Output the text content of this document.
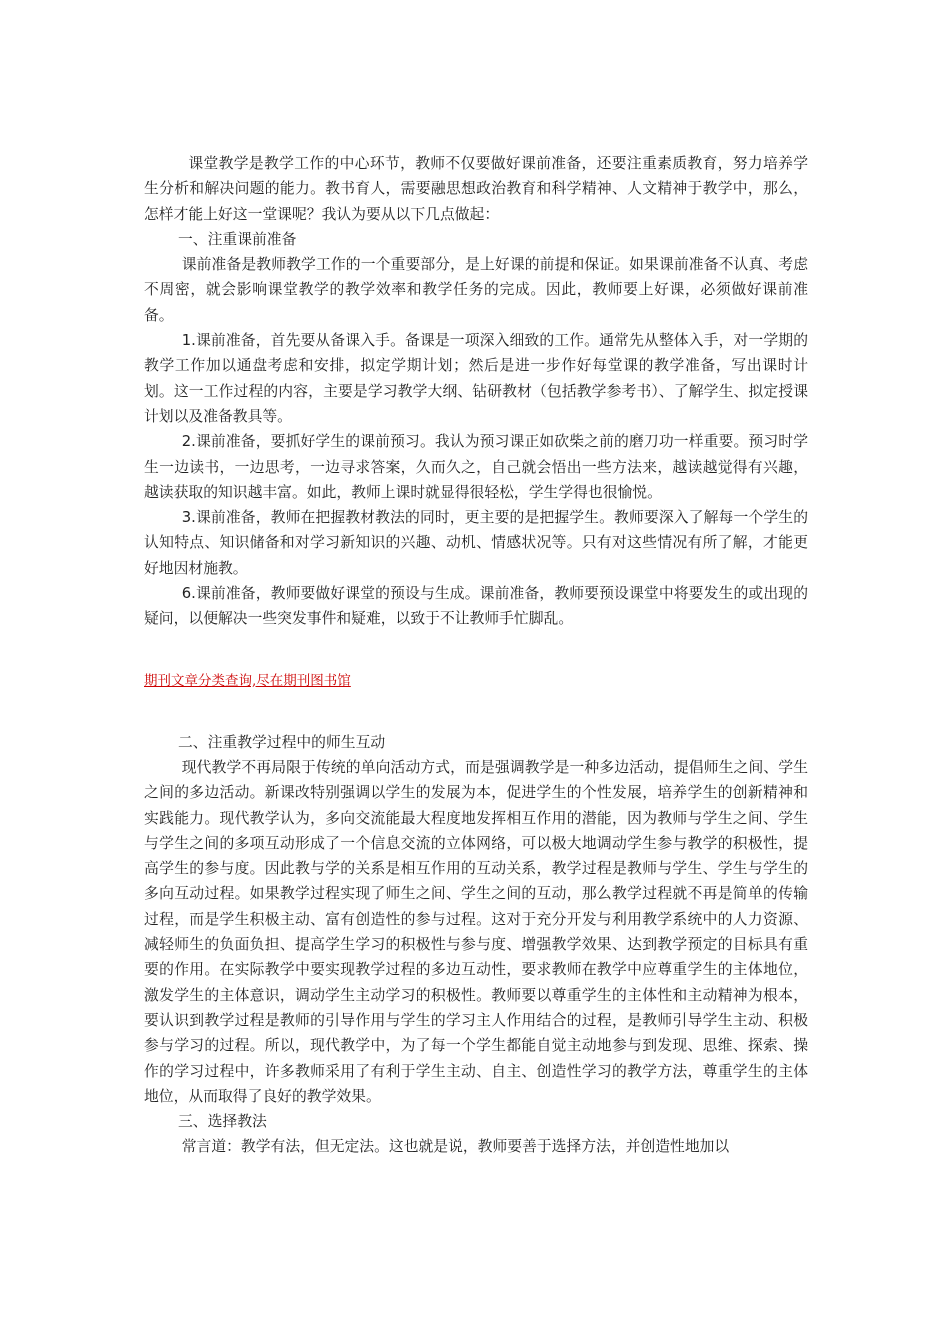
课堂教学是教学工作的中心环节，教师不仅要做好课前准备，还要注重素质教育，努力培养学生分析和解决问题的能力。教书育人，需要融思想政治教育和科学精神、人文精神于教学中，那么，怎样才能上好这一堂课呢？我认为要从以下几点做起：

一、注重课前准备

课前准备是教师教学工作的一个重要部分，是上好课的前提和保证。如果课前准备不认真、考虑不周密，就会影响课堂教学的教学效率和教学任务的完成。因此，教师要上好课，必须做好课前准备。

1.课前准备，首先要从备课入手。备课是一项深入细致的工作。通常先从整体入手，对一学期的教学工作加以通盘考虑和安排，拟定学期计划；然后是进一步作好每堂课的教学准备，写出课时计划。这一工作过程的内容，主要是学习教学大纲、钻研教材（包括教学参考书）、了解学生、拟定授课计划以及准备教具等。

2.课前准备，要抓好学生的课前预习。我认为预习课正如砍柴之前的磨刀功一样重要。预习时学生一边读书，一边思考，一边寻求答案，久而久之，自己就会悟出一些方法来，越读越觉得有兴趣，越读获取的知识越丰富。如此，教师上课时就显得很轻松，学生学得也很愉悦。

3.课前准备，教师在把握教材教法的同时，更主要的是把握学生。教师要深入了解每一个学生的认知特点、知识储备和对学习新知识的兴趣、动机、情感状况等。只有对这些情况有所了解，才能更好地因材施教。

6.课前准备，教师要做好课堂的预设与生成。课前准备，教师要预设课堂中将要发生的或出现的疑问，以便解决一些突发事件和疑难，以致于不让教师手忙脚乱。

期刊文章分类查询,尽在期刊图书馆

二、注重教学过程中的师生互动

现代教学不再局限于传统的单向活动方式，而是强调教学是一种多边活动，提倡师生之间、学生之间的多边活动。新课改特别强调以学生的发展为本，促进学生的个性发展，培养学生的创新精神和实践能力。现代教学认为，多向交流能最大程度地发挥相互作用的潜能，因为教师与学生之间、学生与学生之间的多项互动形成了一个信息交流的立体网络，可以极大地调动学生参与教学的积极性，提高学生的参与度。因此教与学的关系是相互作用的互动关系，教学过程是教师与学生、学生与学生的多向互动过程。如果教学过程实现了师生之间、学生之间的互动，那么教学过程就不再是简单的传输过程，而是学生积极主动、富有创造性的参与过程。这对于充分开发与利用教学系统中的人力资源、减轻师生的负面负担、提高学生学习的积极性与参与度、增强教学效果、达到教学预定的目标具有重要的作用。在实际教学中要实现教学过程的多边互动性，要求教师在教学中应尊重学生的主体地位，激发学生的主体意识，调动学生主动学习的积极性。教师要以尊重学生的主体性和主动精神为根本，要认识到教学过程是教师的引导作用与学生的学习主人作用结合的过程，是教师引导学生主动、积极参与学习的过程。所以，现代教学中，为了每一个学生都能自觉主动地参与到发现、思维、探索、操作的学习过程中，许多教师采用了有利于学生主动、自主、创造性学习的教学方法，尊重学生的主体地位，从而取得了良好的教学效果。

三、选择教法

常言道：教学有法，但无定法。这也就是说，教师要善于选择方法，并创造性地加以
